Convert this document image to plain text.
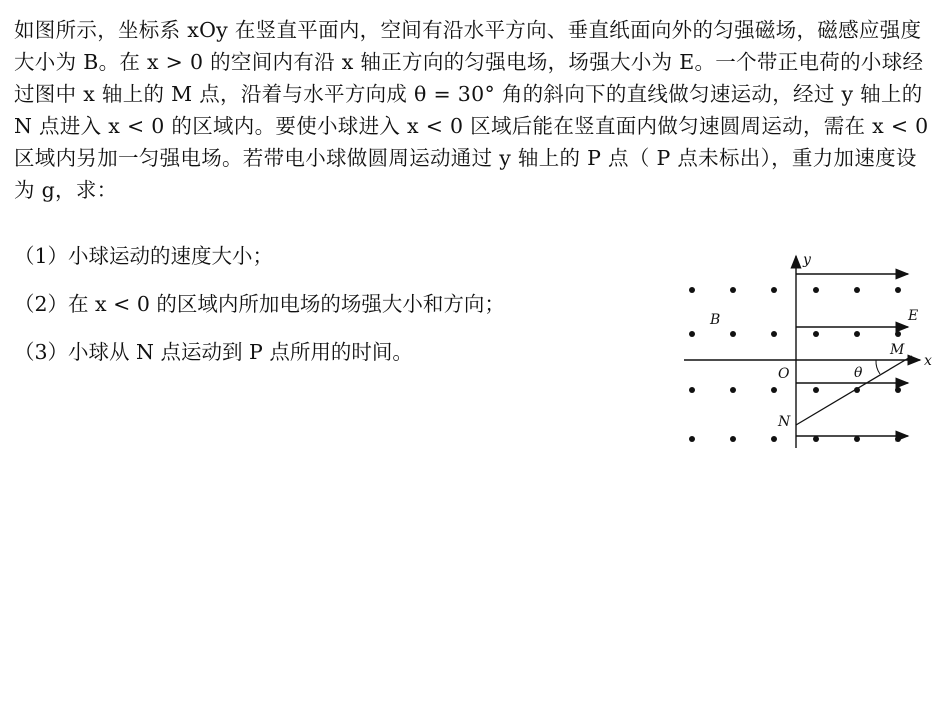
如图所示，坐标系 xOy 在竖直平面内，空间有沿水平方向、垂直纸面向外的匀强磁场，磁感应强度大小为 B。在 x > 0 的空间内有沿 x 轴正方向的匀强电场，场强大小为 E。一个带正电荷的小球经过图中 x 轴上的 M 点，沿着与水平方向成 θ = 30° 角的斜向下的直线做匀速运动，经过 y 轴上的 N 点进入 x < 0 的区域内。要使小球进入 x < 0 区域后能在竖直面内做匀速圆周运动，需在 x < 0 区域内另加一匀强电场。若带电小球做圆周运动通过 y 轴上的 P 点（ P 点未标出），重力加速度设为 g，求：

（1）小球运动的速度大小；
（2）在 x < 0 的区域内所加电场的场强大小和方向；
（3）小球从 N 点运动到 P 点所用的时间。
y
x
O
B	E
M
N
θ
